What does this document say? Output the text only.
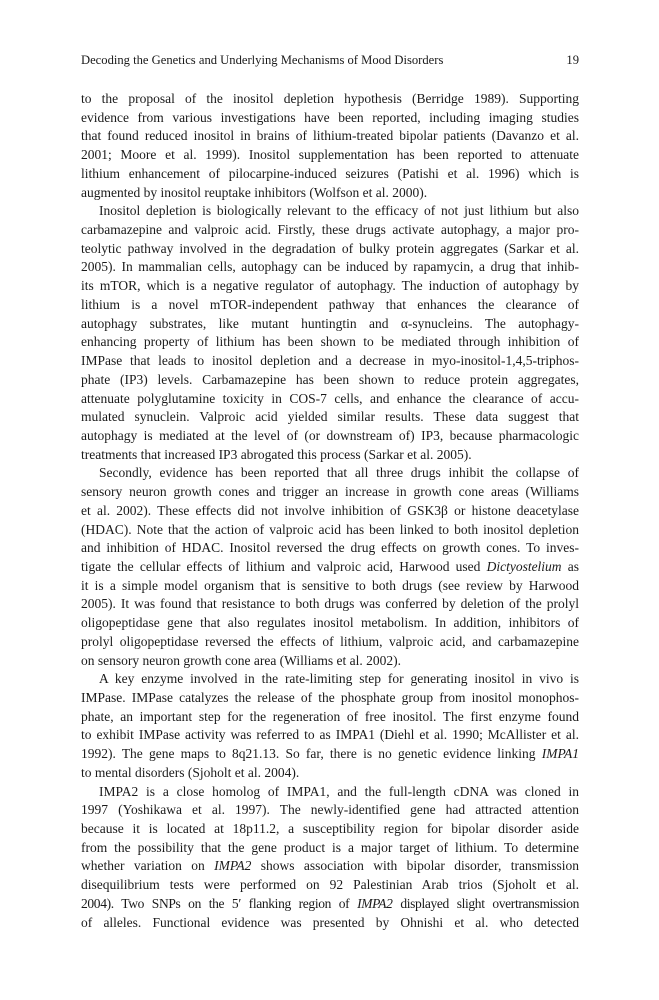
Decoding the Genetics and Underlying Mechanisms of Mood Disorders	19

to the proposal of the inositol depletion hypothesis (Berridge 1989). Supporting
evidence from various investigations have been reported, including imaging studies
that found reduced inositol in brains of lithium-treated bipolar patients (Davanzo et al.
2001; Moore et al. 1999). Inositol supplementation has been reported to attenuate
lithium enhancement of pilocarpine-induced seizures (Patishi et al. 1996) which is
augmented by inositol reuptake inhibitors (Wolfson et al. 2000).

Inositol depletion is biologically relevant to the efficacy of not just lithium but also
carbamazepine and valproic acid. Firstly, these drugs activate autophagy, a major pro-
teolytic pathway involved in the degradation of bulky protein aggregates (Sarkar et al.
2005). In mammalian cells, autophagy can be induced by rapamycin, a drug that inhib-
its mTOR, which is a negative regulator of autophagy. The induction of autophagy by
lithium is a novel mTOR-independent pathway that enhances the clearance of
autophagy substrates, like mutant huntingtin and α-synucleins. The autophagy-
enhancing property of lithium has been shown to be mediated through inhibition of
IMPase that leads to inositol depletion and a decrease in myo-inositol-1,4,5-triphos-
phate (IP3) levels. Carbamazepine has been shown to reduce protein aggregates,
attenuate polyglutamine toxicity in COS-7 cells, and enhance the clearance of accu-
mulated synuclein. Valproic acid yielded similar results. These data suggest that
autophagy is mediated at the level of (or downstream of) IP3, because pharmacologic
treatments that increased IP3 abrogated this process (Sarkar et al. 2005).

Secondly, evidence has been reported that all three drugs inhibit the collapse of
sensory neuron growth cones and trigger an increase in growth cone areas (Williams
et al. 2002). These effects did not involve inhibition of GSK3β or histone deacetylase
(HDAC). Note that the action of valproic acid has been linked to both inositol depletion
and inhibition of HDAC. Inositol reversed the drug effects on growth cones. To inves-
tigate the cellular effects of lithium and valproic acid, Harwood used Dictyostelium as
it is a simple model organism that is sensitive to both drugs (see review by Harwood
2005). It was found that resistance to both drugs was conferred by deletion of the prolyl
oligopeptidase gene that also regulates inositol metabolism. In addition, inhibitors of
prolyl oligopeptidase reversed the effects of lithium, valproic acid, and carbamazepine
on sensory neuron growth cone area (Williams et al. 2002).

A key enzyme involved in the rate-limiting step for generating inositol in vivo is
IMPase. IMPase catalyzes the release of the phosphate group from inositol monophos-
phate, an important step for the regeneration of free inositol. The first enzyme found
to exhibit IMPase activity was referred to as IMPA1 (Diehl et al. 1990; McAllister et al.
1992). The gene maps to 8q21.13. So far, there is no genetic evidence linking IMPA1
to mental disorders (Sjoholt et al. 2004).

IMPA2 is a close homolog of IMPA1, and the full-length cDNA was cloned in
1997 (Yoshikawa et al. 1997). The newly-identified gene had attracted attention
because it is located at 18p11.2, a susceptibility region for bipolar disorder aside
from the possibility that the gene product is a major target of lithium. To determine
whether variation on IMPA2 shows association with bipolar disorder, transmission
disequilibrium tests were performed on 92 Palestinian Arab trios (Sjoholt et al.
2004). Two SNPs on the 5′ flanking region of IMPA2 displayed slight overtransmission
of alleles. Functional evidence was presented by Ohnishi et al. who detected
